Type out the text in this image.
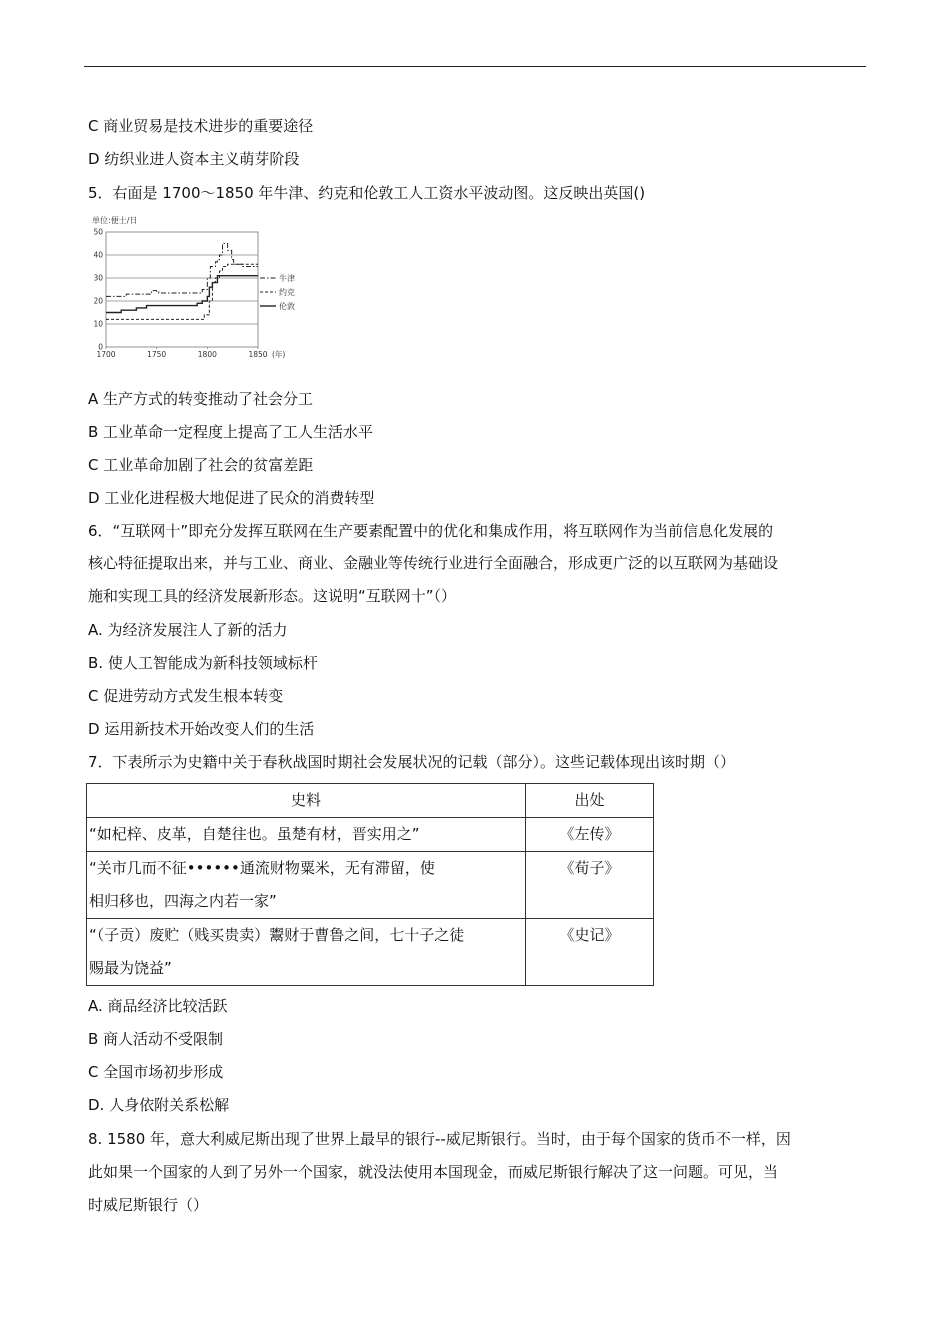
C 商业贸易是技术进步的重要途径
D 纺织业进人资本主义萌芽阶段
5．右面是 1700～1850 年牛津、约克和伦敦工人工资水平波动图。这反映出英国()
0
10
20
30
40
50
1700	1750	1800	1850 (年)
单位:便士/日
牛津
约克
伦敦
A 生产方式的转变推动了社会分工
B 工业革命一定程度上提高了工人生活水平
C 工业革命加剧了社会的贫富差距
D 工业化进程极大地促进了民众的消费转型
6．“互联网十”即充分发挥互联网在生产要素配置中的优化和集成作用，将互联网作为当前信息化发展的
核心特征提取出来，并与工业、商业、金融业等传统行业进行全面融合，形成更广泛的以互联网为基础设
施和实现工具的经济发展新形态。这说明“互联网十”（）
A. 为经济发展注人了新的活力
B. 使人工智能成为新科技领域标杆
C 促进劳动方式发生根本转变
D 运用新技术开始改变人们的生活
7．下表所示为史籍中关于春秋战国时期社会发展状况的记载（部分）。这些记载体现出该时期（）
史料	出处

“如杞梓、皮革，自楚往也。虽楚有材，晋实用之”	《左传》

“关市几而不征••••••通流财物粟米，无有滞留，使
相归移也，四海之内若一家”	《荀子》

“（子贡）废贮（贱买贵卖）鬻财于曹鲁之间，七十子之徒
赐最为饶益”	《史记》
A. 商品经济比较活跃
B 商人活动不受限制
C 全国市场初步形成
D. 人身依附关系松解
8. 1580 年，意大利威尼斯出现了世界上最早的银行--威尼斯银行。当时，由于每个国家的货币不一样，因
此如果一个国家的人到了另外一个国家，就没法使用本国现金，而威尼斯银行解决了这一问题。可见，当
时威尼斯银行（）
